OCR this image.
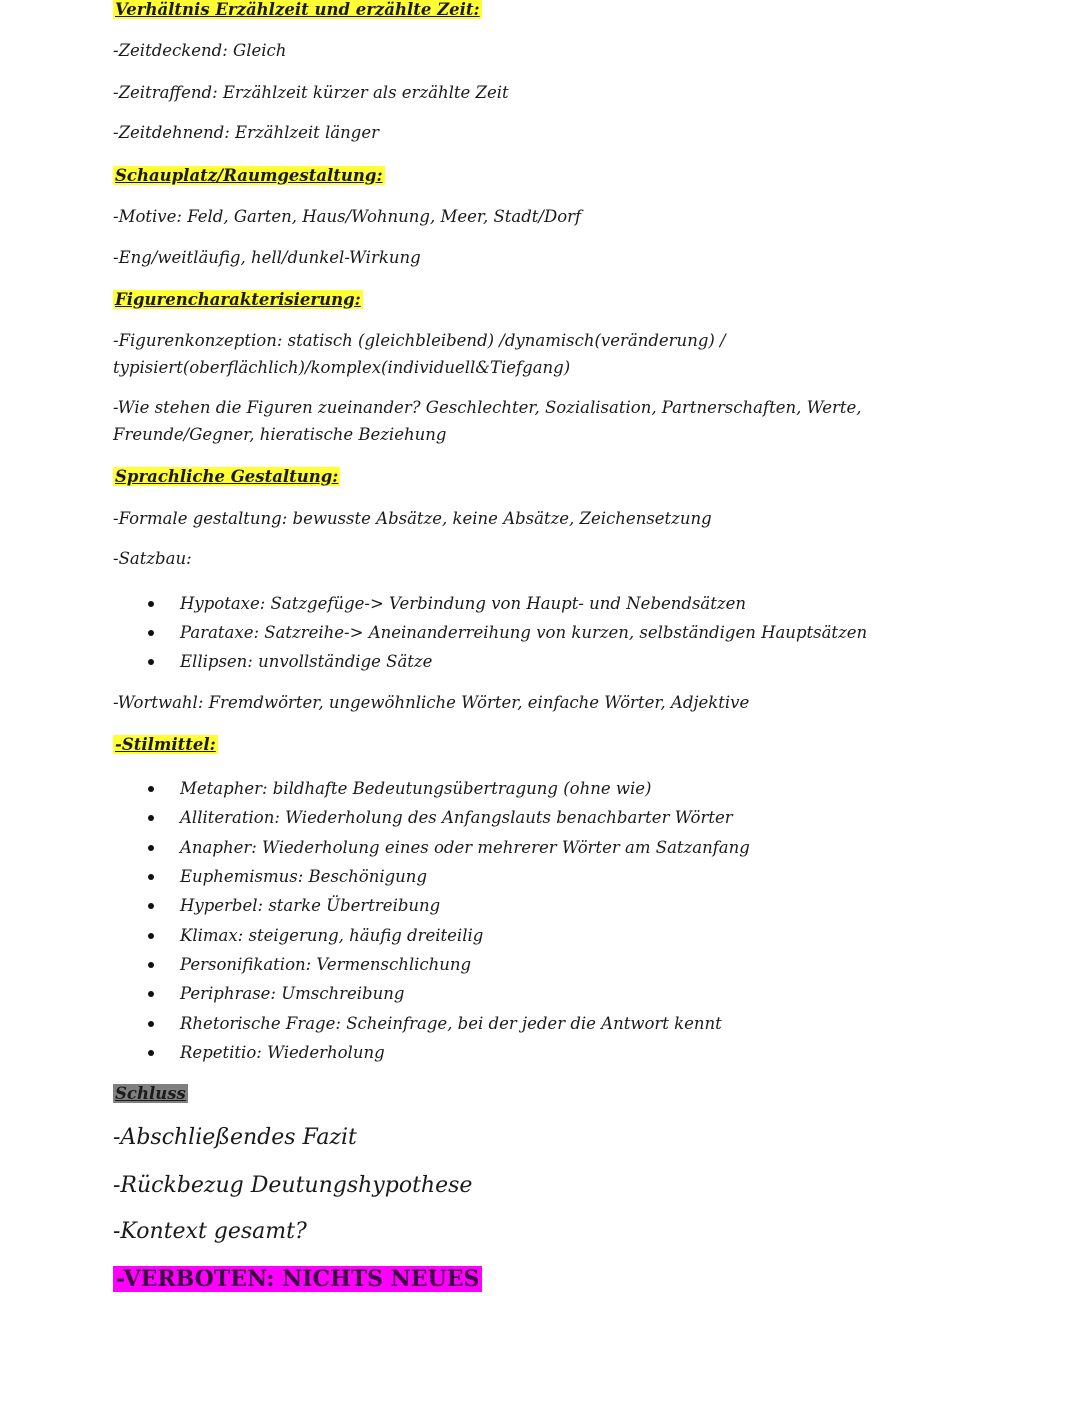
Verhältnis Erzählzeit und erzählte Zeit:
-Zeitdeckend: Gleich
-Zeitraffend: Erzählzeit kürzer als erzählte Zeit
-Zeitdehnend: Erzählzeit länger
Schauplatz/Raumgestaltung:
-Motive: Feld, Garten, Haus/Wohnung, Meer, Stadt/Dorf
-Eng/weitläufig, hell/dunkel-Wirkung
Figurencharakterisierung:
-Figurenkonzeption: statisch (gleichbleibend) /dynamisch(veränderung) /
typisiert(oberflächlich)/komplex(individuell&Tiefgang)
-Wie stehen die Figuren zueinander? Geschlechter, Sozialisation, Partnerschaften, Werte,
Freunde/Gegner, hieratische Beziehung
Sprachliche Gestaltung:
-Formale gestaltung: bewusste Absätze, keine Absätze, Zeichensetzung
-Satzbau:
Hypotaxe: Satzgefüge-> Verbindung von Haupt- und Nebendsätzen
Parataxe: Satzreihe-> Aneinanderreihung von kurzen, selbständigen Hauptsätzen
Ellipsen: unvollständige Sätze
-Wortwahl: Fremdwörter, ungewöhnliche Wörter, einfache Wörter, Adjektive
-Stilmittel:
Metapher: bildhafte Bedeutungsübertragung (ohne wie)
Alliteration: Wiederholung des Anfangslauts benachbarter Wörter
Anapher: Wiederholung eines oder mehrerer Wörter am Satzanfang
Euphemismus: Beschönigung
Hyperbel: starke Übertreibung
Klimax: steigerung, häufig dreiteilig
Personifikation: Vermenschlichung
Periphrase: Umschreibung
Rhetorische Frage: Scheinfrage, bei der jeder die Antwort kennt
Repetitio: Wiederholung
Schluss
-Abschließendes Fazit
-Rückbezug Deutungshypothese
-Kontext gesamt?
-VERBOTEN: NICHTS NEUES
